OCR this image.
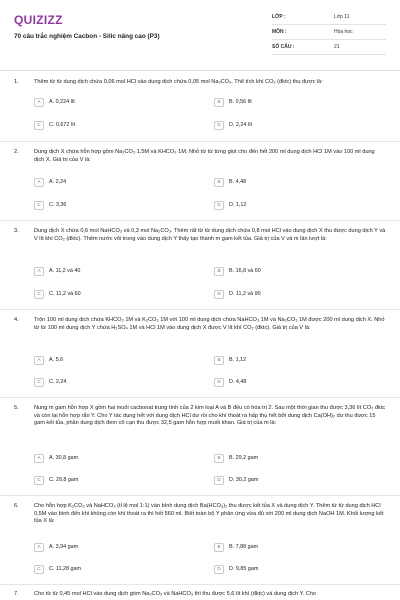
QUIZIZZ
70 câu trắc nghiệm Cacbon - Silic nâng cao (P3)
LỚP :	Lớp 11
MÔN :	Hóa học
SỐ CÂU :	21
1.	Thêm từ từ dung dịch chứa 0,06 mol HCl vào dung dịch chứa 0,05 mol Na₂CO₃. Thể tích khí CO₂ (đktc) thu được là:
A	A. 0,224 lít	B	B. 0,56 lít
C	C. 0,672 lít	D	D. 2,24 lít
2.	Dung dịch X chứa hỗn hợp gồm Na₂CO₃ 1,5M và KHCO₃ 1M. Nhỏ từ từ từng giọt cho đến hết 200 ml dung dịch HCl 1M vào 100 ml dung dịch X. Giá trị của V là:
A	A. 2,24	B	B. 4,48
C	C. 3,36	D	D. 1,12
3.	Dung dịch X chứa 0,6 mol NaHCO₃ và 0,3 mol Na₂CO₃. Thêm rất từ từ dung dịch chứa 0,8 mol HCl vào dung dịch X thu được dung dịch Y và V lít khí CO₂ (đktc). Thêm nước vôi trong vào dung dịch Y thấy tạo thành m gam kết tủa. Giá trị của V và m lần lượt là:
A	A. 11,2 và 40	B	B. 16,8 và 60
C	C. 11,2 và 60	D	D. 11,2 và 90
4.	Trộn 100 ml dung dịch chứa KHCO₃ 1M và K₂CO₃ 1M với 100 ml dung dịch chứa NaHCO₃ 1M và Na₂CO₃ 1M được 200 ml dung dịch X. Nhỏ từ từ 100 ml dung dịch Y chứa H₂SO₄ 1M và HCl 1M vào dung dịch X được V lít khí CO₂ (đktc). Giá trị của V là:
A	A. 5,6	B	B. 1,12
C	C. 2,24	D	D. 4,48
5.	Nung m gam hỗn hợp X gồm hai muối cacbonat trung tính của 2 kim loại A và B đều có hóa trị 2. Sau một thời gian thu được 3,36 lít CO₂ đktc và còn lại hỗn hợp rắn Y. Cho Y tác dụng hết với dung dịch HCl dư rồi cho khí thoát ra hấp thụ hết bởi dung dịch Ca(OH)₂ dư thu được 15 gam kết tủa, phần dung dịch đem cô cạn thu được 32,5 gam hỗn hợp muối khan. Giá trị của m là:
A	A. 30,8 gam	B	B. 29,2 gam
C	C. 29,8 gam	D	D. 30,2 gam
6.	Cho hỗn hợp K₂CO₃ và NaHCO₃ (tỉ lệ mol 1:1) vào bình dung dịch Ba(HCO₃)₂ thu được kết tủa X và dung dịch Y. Thêm từ từ dung dịch HCl 0,5M vào bình đến khi không còn khí thoát ra thì hết 560 ml. Biết toàn bộ Y phản ứng vừa đủ với 200 ml dung dịch NaOH 1M. Khối lượng kết tủa X là:
A	A. 3,94 gam	B	B. 7,88 gam
C	C. 11,28 gam	D	D. 9,85 gam
7.	Cho từ từ 0,45 mol HCl vào dung dịch gồm Na₂CO₃ và NaHCO₃ thì thu được 5,6 lít khí (đktc) và dung dịch Y. Cho
